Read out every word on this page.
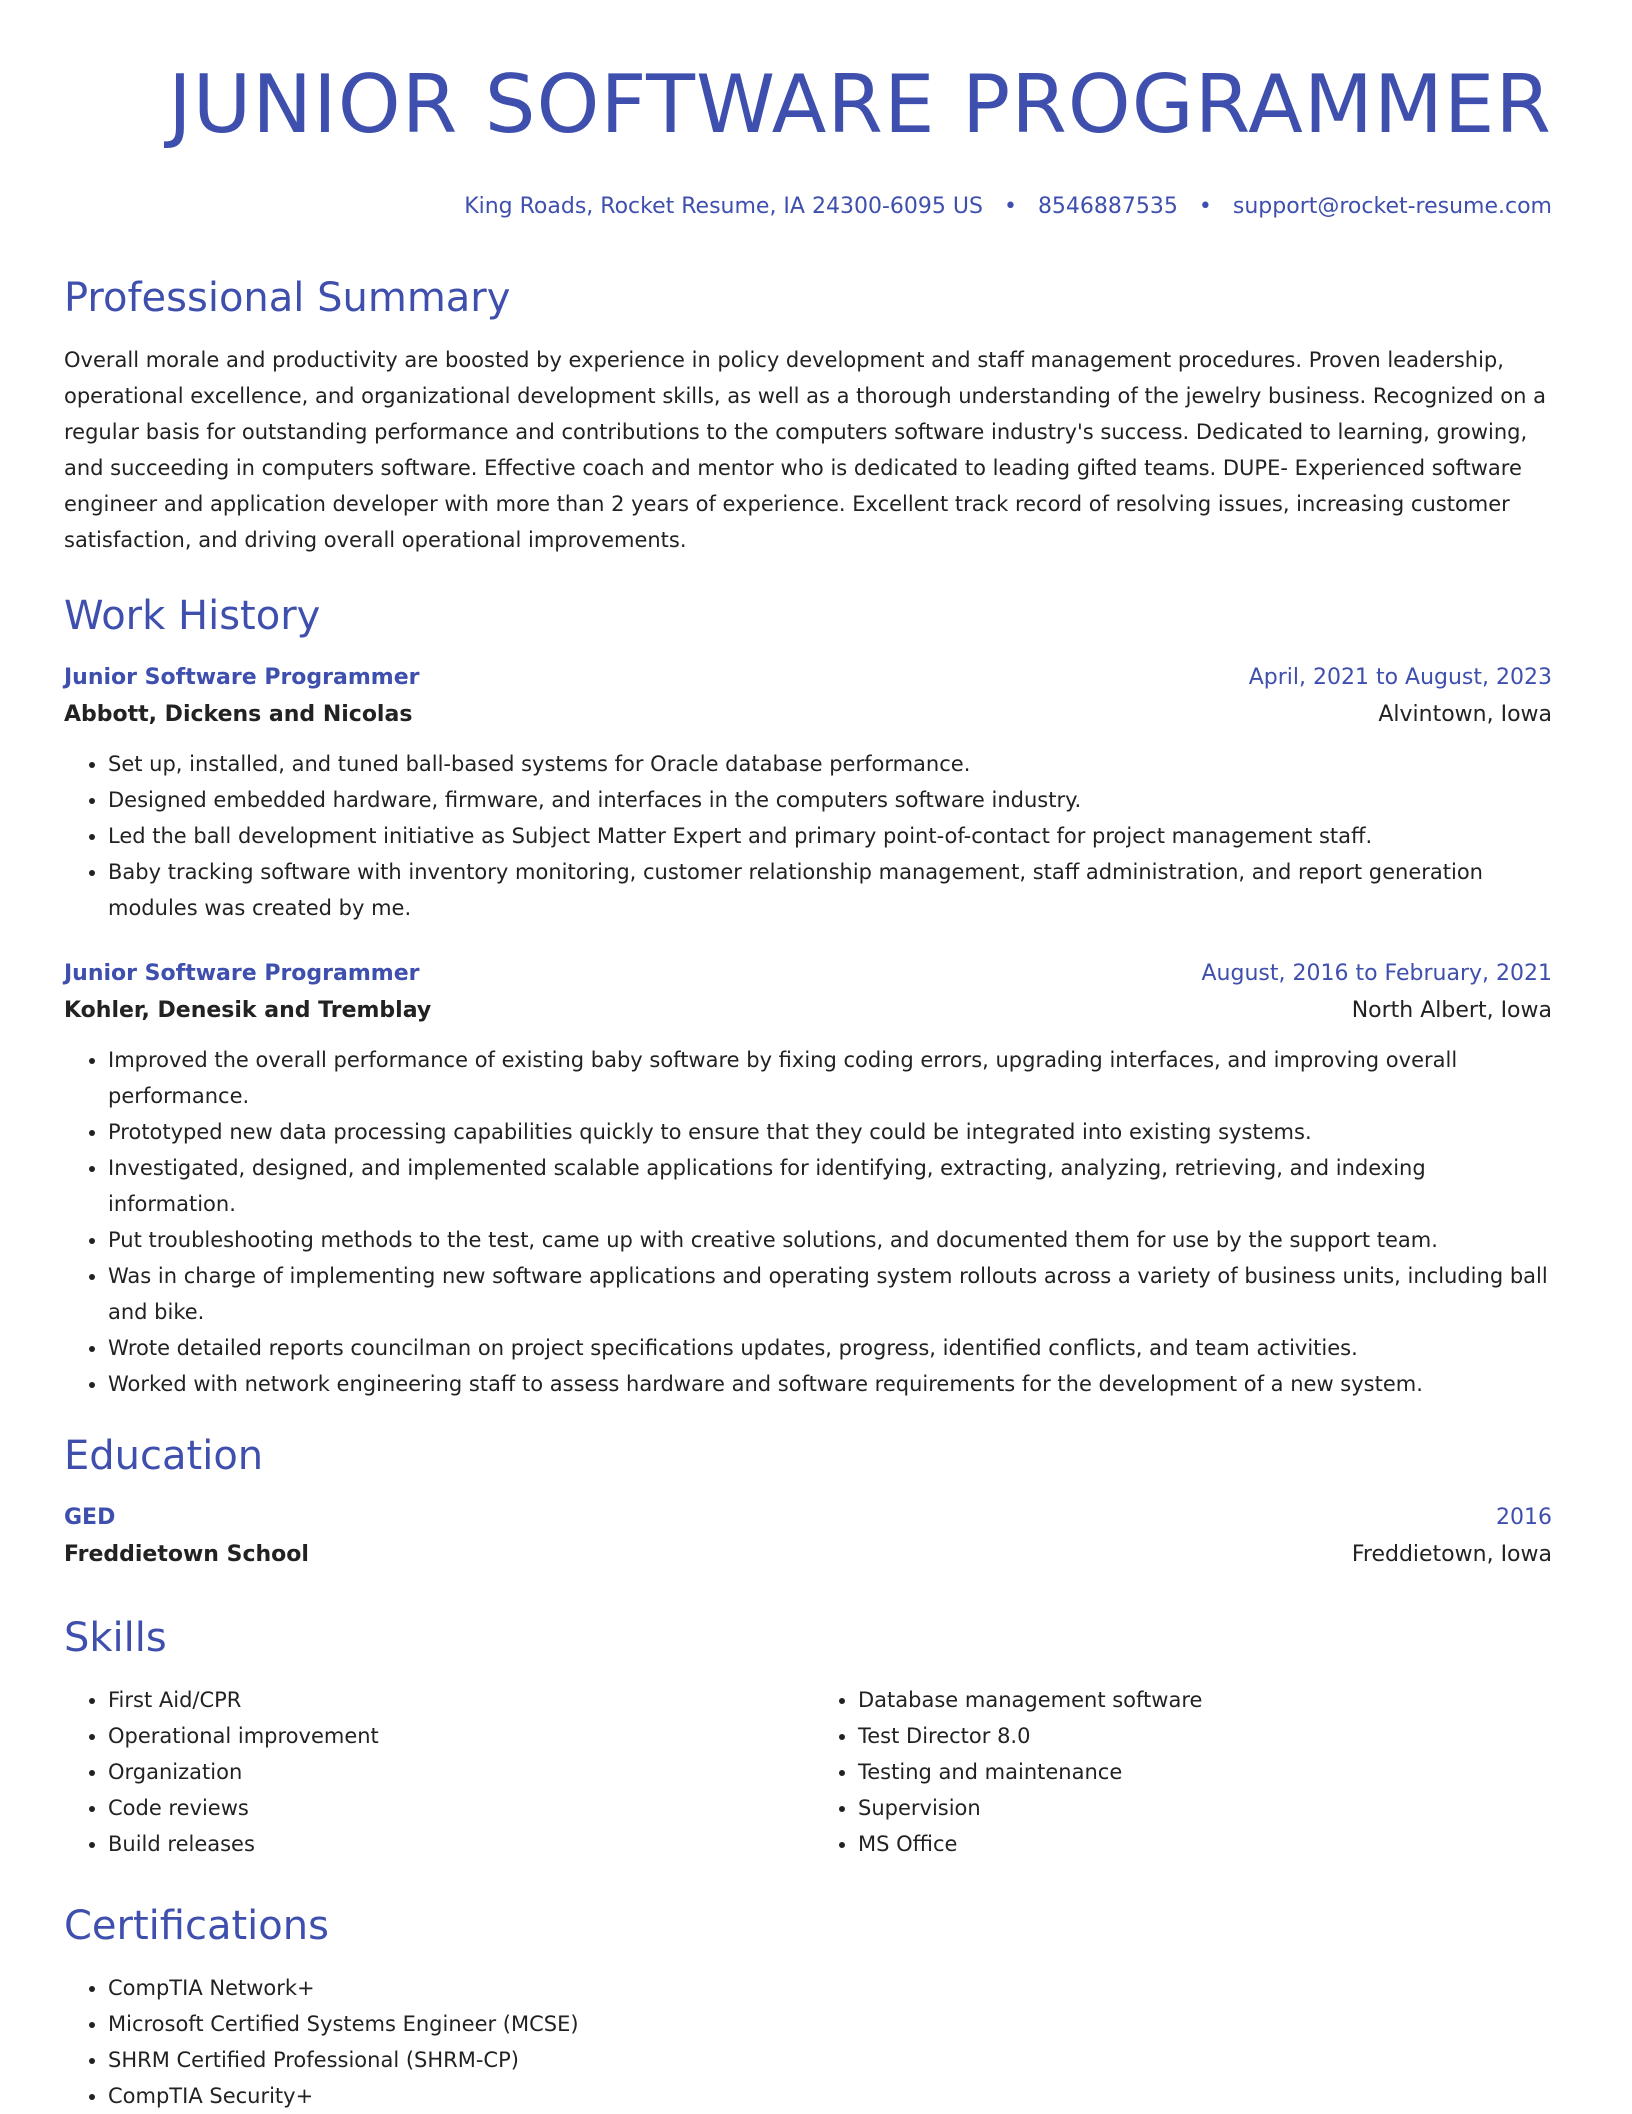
JUNIOR SOFTWARE PROGRAMMER
King Roads, Rocket Resume, IA 24300-6095 US • 8546887535 • support@rocket-resume.com
Professional Summary

Overall morale and productivity are boosted by experience in policy development and staff management procedures. Proven leadership, operational excellence, and organizational development skills, as well as a thorough understanding of the jewelry business. Recognized on a regular basis for outstanding performance and contributions to the computers software industry's success. Dedicated to learning, growing, and succeeding in computers software. Effective coach and mentor who is dedicated to leading gifted teams. DUPE- Experienced software engineer and application developer with more than 2 years of experience. Excellent track record of resolving issues, increasing customer satisfaction, and driving overall operational improvements.

Work History
Junior Software Programmer	April, 2021 to August, 2023
Abbott, Dickens and Nicolas	Alvintown, Iowa
• Set up, installed, and tuned ball-based systems for Oracle database performance.
• Designed embedded hardware, firmware, and interfaces in the computers software industry.
• Led the ball development initiative as Subject Matter Expert and primary point-of-contact for project management staff.
• Baby tracking software with inventory monitoring, customer relationship management, staff administration, and report generation modules was created by me.
Junior Software Programmer	August, 2016 to February, 2021
Kohler, Denesik and Tremblay	North Albert, Iowa
• Improved the overall performance of existing baby software by fixing coding errors, upgrading interfaces, and improving overall performance.
• Prototyped new data processing capabilities quickly to ensure that they could be integrated into existing systems.
• Investigated, designed, and implemented scalable applications for identifying, extracting, analyzing, retrieving, and indexing information.
• Put troubleshooting methods to the test, came up with creative solutions, and documented them for use by the support team.
• Was in charge of implementing new software applications and operating system rollouts across a variety of business units, including ball and bike.
• Wrote detailed reports councilman on project specifications updates, progress, identified conflicts, and team activities.
• Worked with network engineering staff to assess hardware and software requirements for the development of a new system.
Education
GED	2016
Freddietown School	Freddietown, Iowa
Skills
• First Aid/CPR
• Operational improvement
• Organization
• Code reviews
• Build releases
• Database management software
• Test Director 8.0
• Testing and maintenance
• Supervision
• MS Office
Certifications
• CompTIA Network+
• Microsoft Certified Systems Engineer (MCSE)
• SHRM Certified Professional (SHRM-CP)
• CompTIA Security+
